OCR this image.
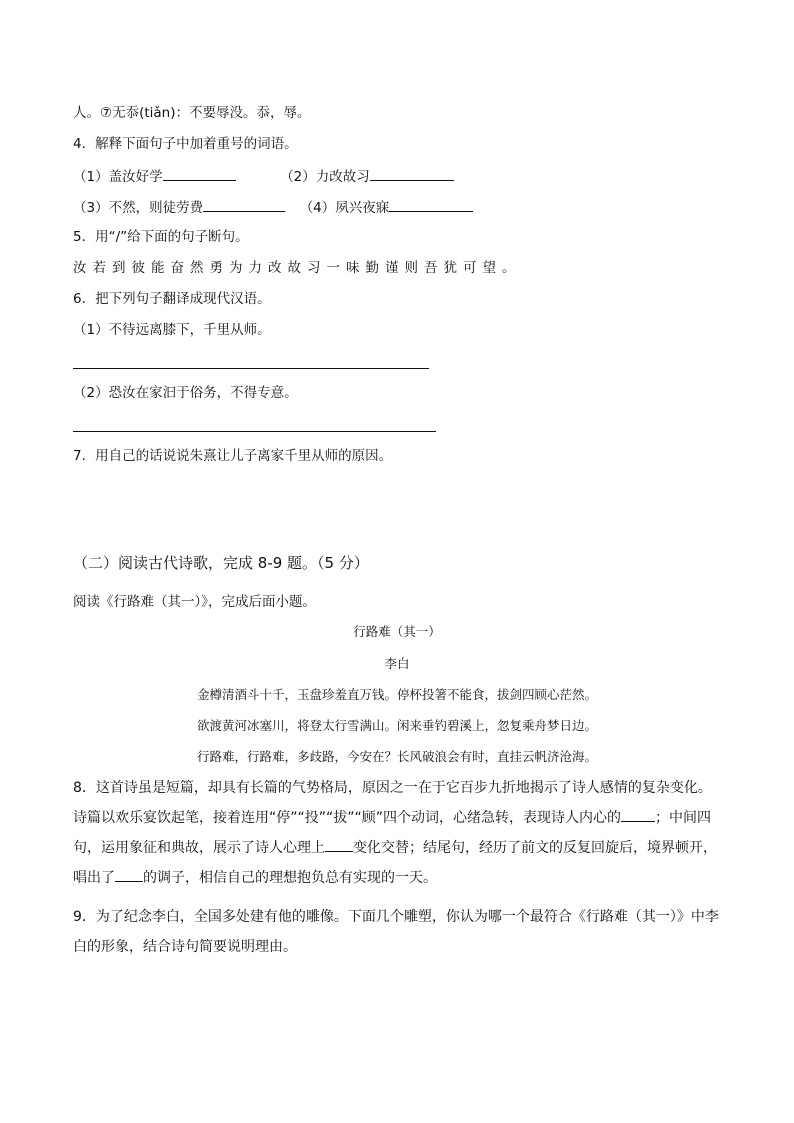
人。⑦无忝(tiǎn)：不要辱没。忝，辱。
4．解释下面句子中加着重号的词语。
（1）盖汝好学	（2）力改故习
（3）不然，则徒劳费	（4）夙兴夜寐
5．用“/”给下面的句子断句。
汝若到彼能奋然勇为力改故习一味勤谨则吾犹可望。
6．把下列句子翻译成现代汉语。
（1）不待远离膝下，千里从师。
（2）恐汝在家汩于俗务，不得专意。
7．用自己的话说说朱熹让儿子离家千里从师的原因。
（二）阅读古代诗歌，完成 8-9 题。（5 分）
阅读《行路难（其一）》，完成后面小题。
行路难（其一）
李白
金樽清酒斗十千，玉盘珍羞直万钱。停杯投箸不能食，拔剑四顾心茫然。
欲渡黄河冰塞川，将登太行雪满山。闲来垂钓碧溪上，忽复乘舟梦日边。
行路难，行路难，多歧路，今安在？长风破浪会有时，直挂云帆济沧海。
8．这首诗虽是短篇，却具有长篇的气势格局，原因之一在于它百步九折地揭示了诗人感情的复杂变化。诗篇以欢乐宴饮起笔，接着连用“停”“投”“拔”“顾”四个动词，心绪急转，表现诗人内心的 ；中间四句，运用象征和典故，展示了诗人心理上 变化交替；结尾句，经历了前文的反复回旋后，境界顿开，唱出了 的调子，相信自己的理想抱负总有实现的一天。
9．为了纪念李白，全国多处建有他的雕像。下面几个雕塑，你认为哪一个最符合《行路难（其一）》中李白的形象，结合诗句简要说明理由。
